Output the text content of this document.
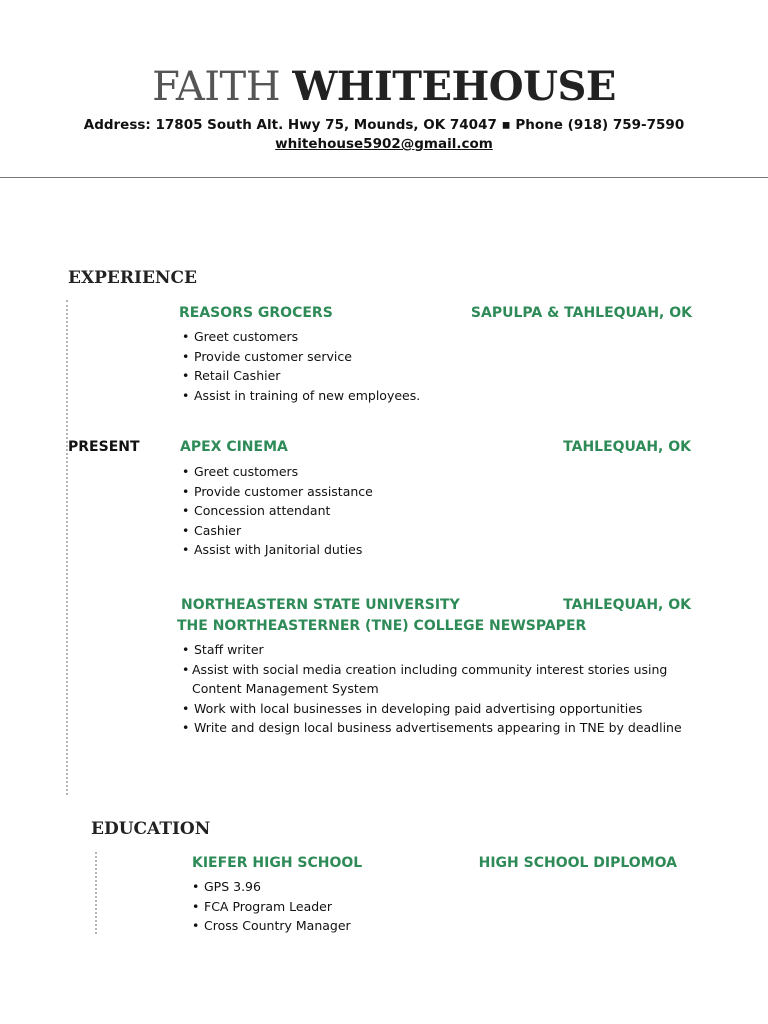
FAITH WHITEHOUSE
Address: 17805 South Alt. Hwy 75, Mounds, OK 74047 ▪ Phone (918) 759-7590
whitehouse5902@gmail.com
EXPERIENCE
REASORS GROCERS	SAPULPA & TAHLEQUAH, OK
• Greet customers
• Provide customer service
• Retail Cashier
• Assist in training of new employees.
PRESENT	APEX CINEMA	TAHLEQUAH, OK
• Greet customers
• Provide customer assistance
• Concession attendant
• Cashier
• Assist with Janitorial duties
NORTHEASTERN STATE UNIVERSITY	TAHLEQUAH, OK
THE NORTHEASTERNER (TNE) COLLEGE NEWSPAPER
• Staff writer
• Assist with social media creation including community interest stories using
Content Management System
• Work with local businesses in developing paid advertising opportunities
• Write and design local business advertisements appearing in TNE by deadline
EDUCATION
KIEFER HIGH SCHOOL	HIGH SCHOOL DIPLOMOA
• GPS 3.96
• FCA Program Leader
• Cross Country Manager
